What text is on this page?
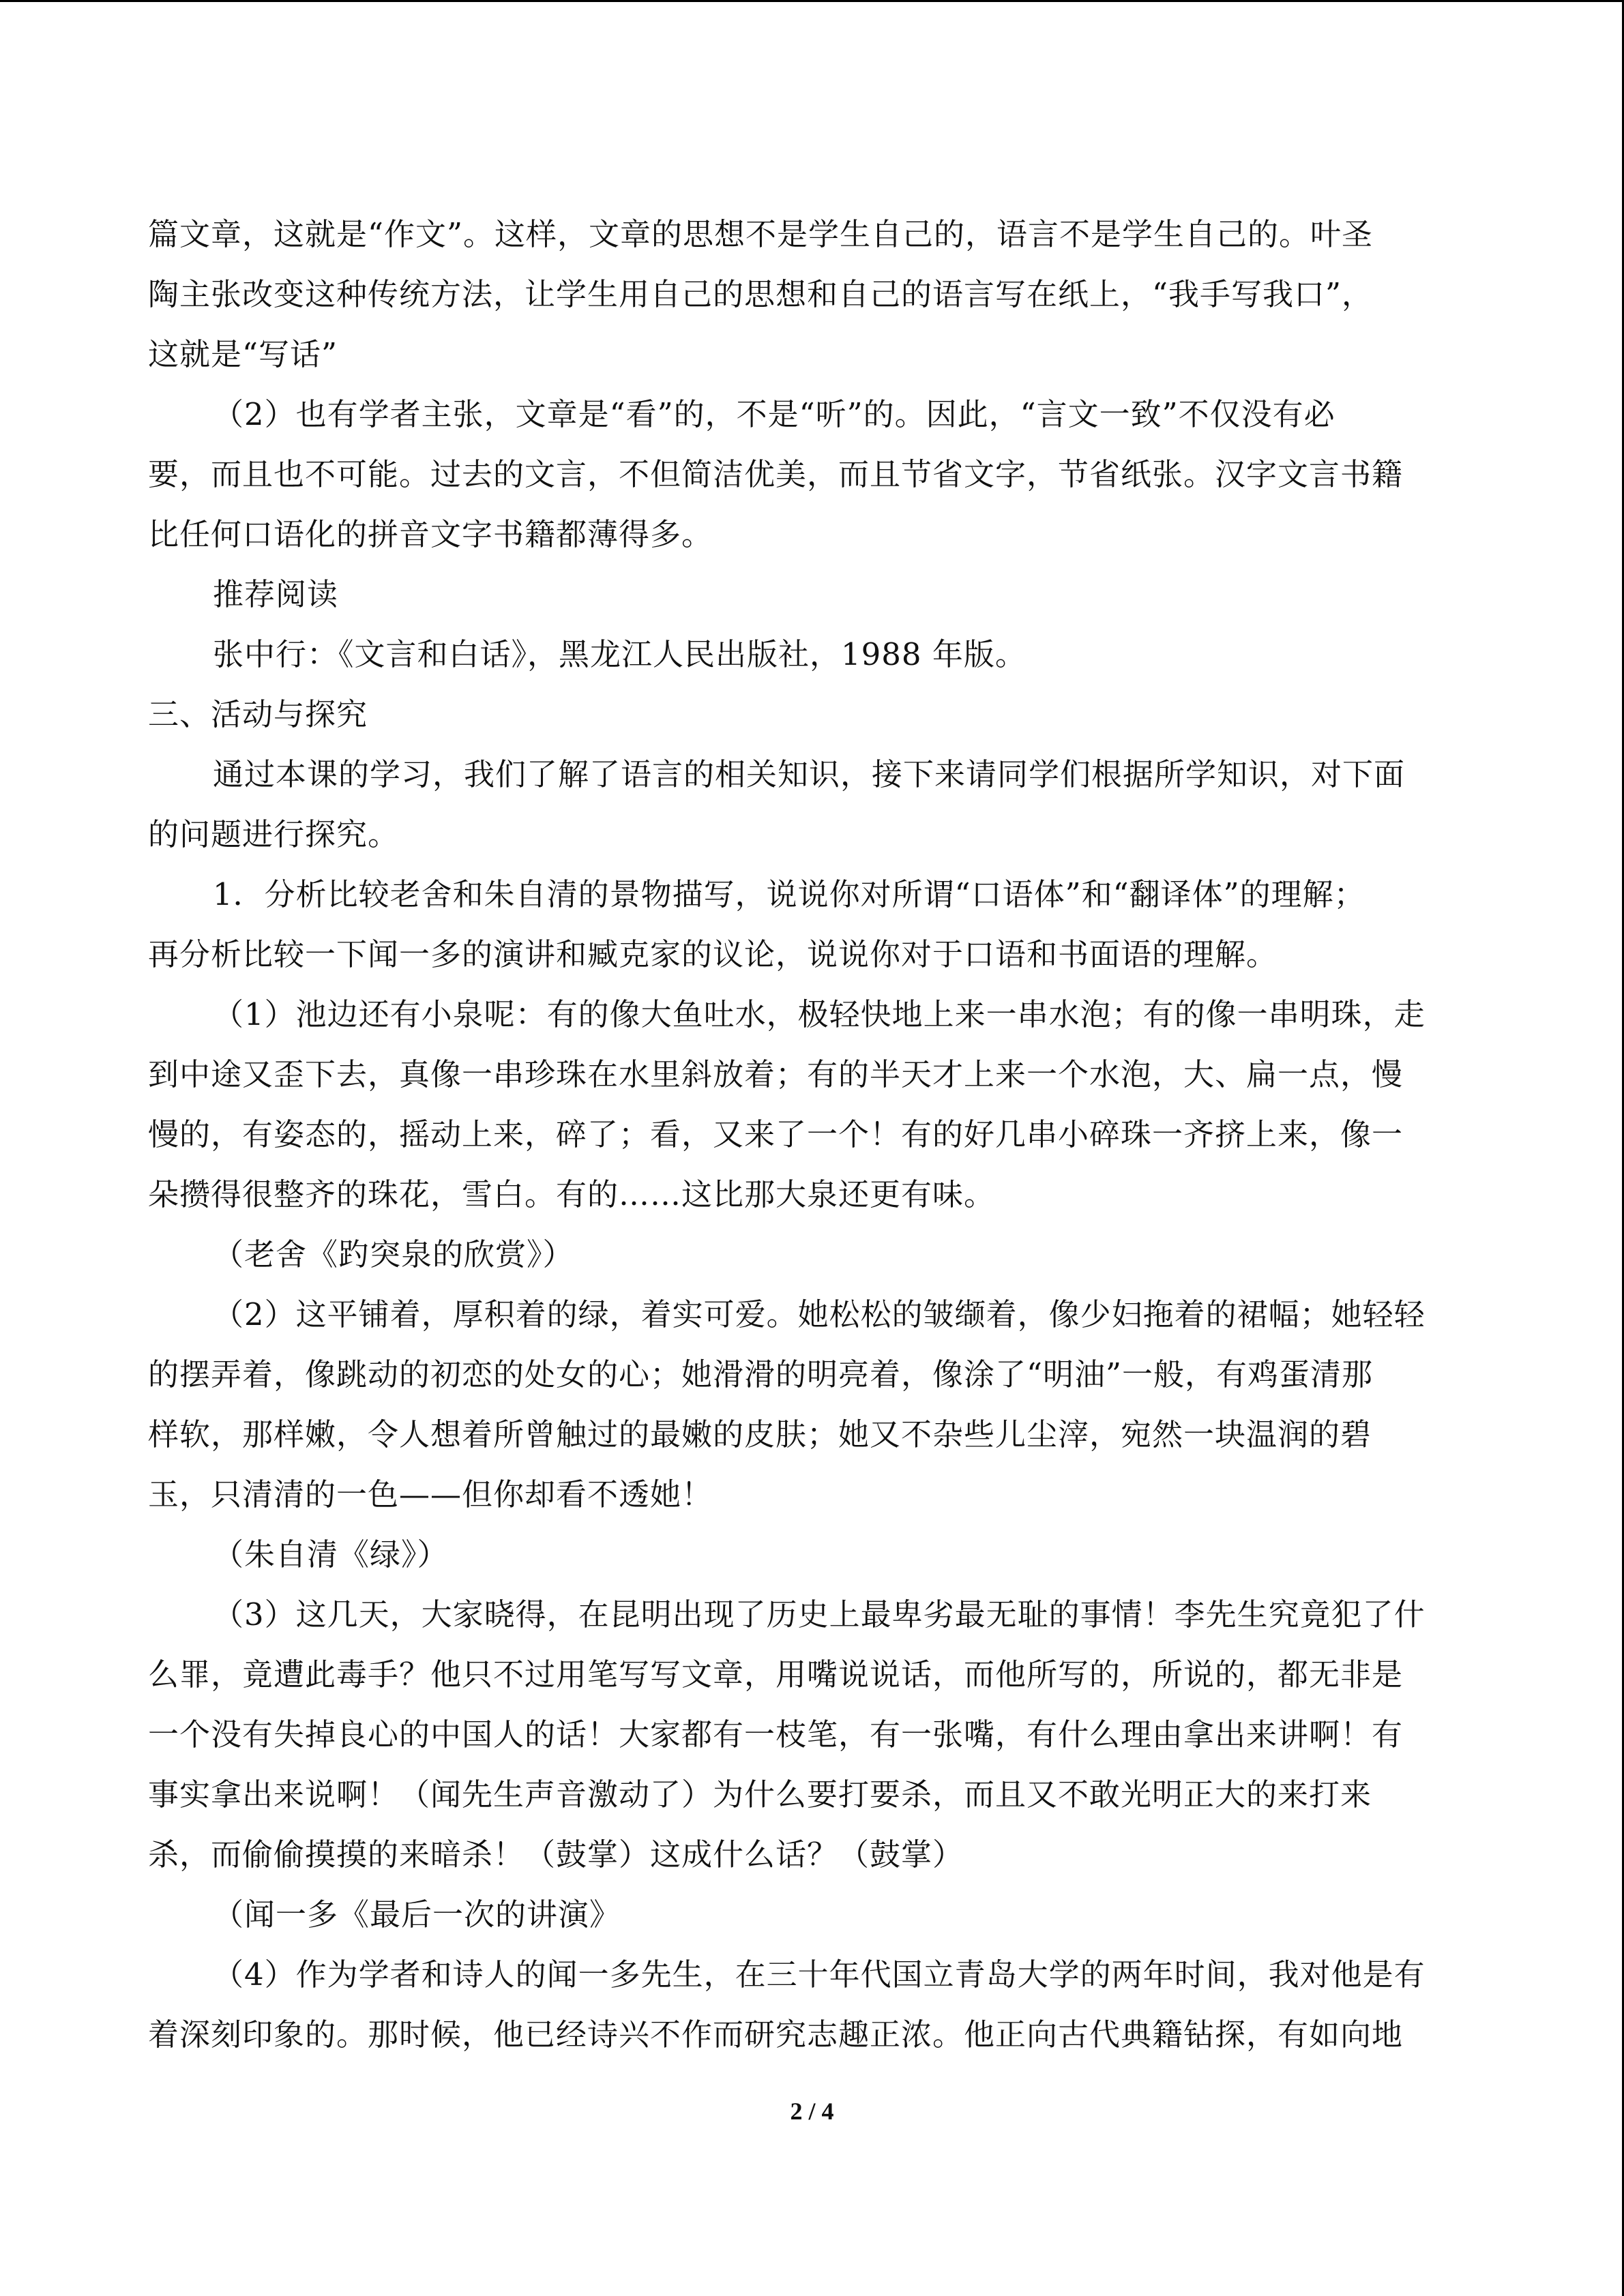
篇文章，这就是“作文”。这样，文章的思想不是学生自己的，语言不是学生自己的。叶圣
陶主张改变这种传统方法，让学生用自己的思想和自己的语言写在纸上，“我手写我口”，
这就是“写话”
（2）也有学者主张，文章是“看”的，不是“听”的。因此，“言文一致”不仅没有必
要，而且也不可能。过去的文言，不但简洁优美，而且节省文字，节省纸张。汉字文言书籍
比任何口语化的拼音文字书籍都薄得多。
推荐阅读
张中行：《文言和白话》，黑龙江人民出版社，1988 年版。
三、活动与探究
通过本课的学习，我们了解了语言的相关知识，接下来请同学们根据所学知识，对下面
的问题进行探究。
1．分析比较老舍和朱自清的景物描写，说说你对所谓“口语体”和“翻译体”的理解；
再分析比较一下闻一多的演讲和臧克家的议论，说说你对于口语和书面语的理解。
（1）池边还有小泉呢：有的像大鱼吐水，极轻快地上来一串水泡；有的像一串明珠，走
到中途又歪下去，真像一串珍珠在水里斜放着；有的半天才上来一个水泡，大、扁一点，慢
慢的，有姿态的，摇动上来，碎了；看，又来了一个！有的好几串小碎珠一齐挤上来，像一
朵攒得很整齐的珠花，雪白。有的……这比那大泉还更有味。
（老舍《趵突泉的欣赏》）
（2）这平铺着，厚积着的绿，着实可爱。她松松的皱缬着，像少妇拖着的裙幅；她轻轻
的摆弄着，像跳动的初恋的处女的心；她滑滑的明亮着，像涂了“明油”一般，有鸡蛋清那
样软，那样嫩，令人想着所曾触过的最嫩的皮肤；她又不杂些儿尘滓，宛然一块温润的碧
玉，只清清的一色——但你却看不透她！
（朱自清《绿》）
（3）这几天，大家晓得，在昆明出现了历史上最卑劣最无耻的事情！李先生究竟犯了什
么罪，竟遭此毒手？他只不过用笔写写文章，用嘴说说话，而他所写的，所说的，都无非是
一个没有失掉良心的中国人的话！大家都有一枝笔，有一张嘴，有什么理由拿出来讲啊！有
事实拿出来说啊！（闻先生声音激动了）为什么要打要杀，而且又不敢光明正大的来打来
杀，而偷偷摸摸的来暗杀！（鼓掌）这成什么话？（鼓掌）
（闻一多《最后一次的讲演》
（4）作为学者和诗人的闻一多先生，在三十年代国立青岛大学的两年时间，我对他是有
着深刻印象的。那时候，他已经诗兴不作而研究志趣正浓。他正向古代典籍钻探，有如向地
2 / 4
